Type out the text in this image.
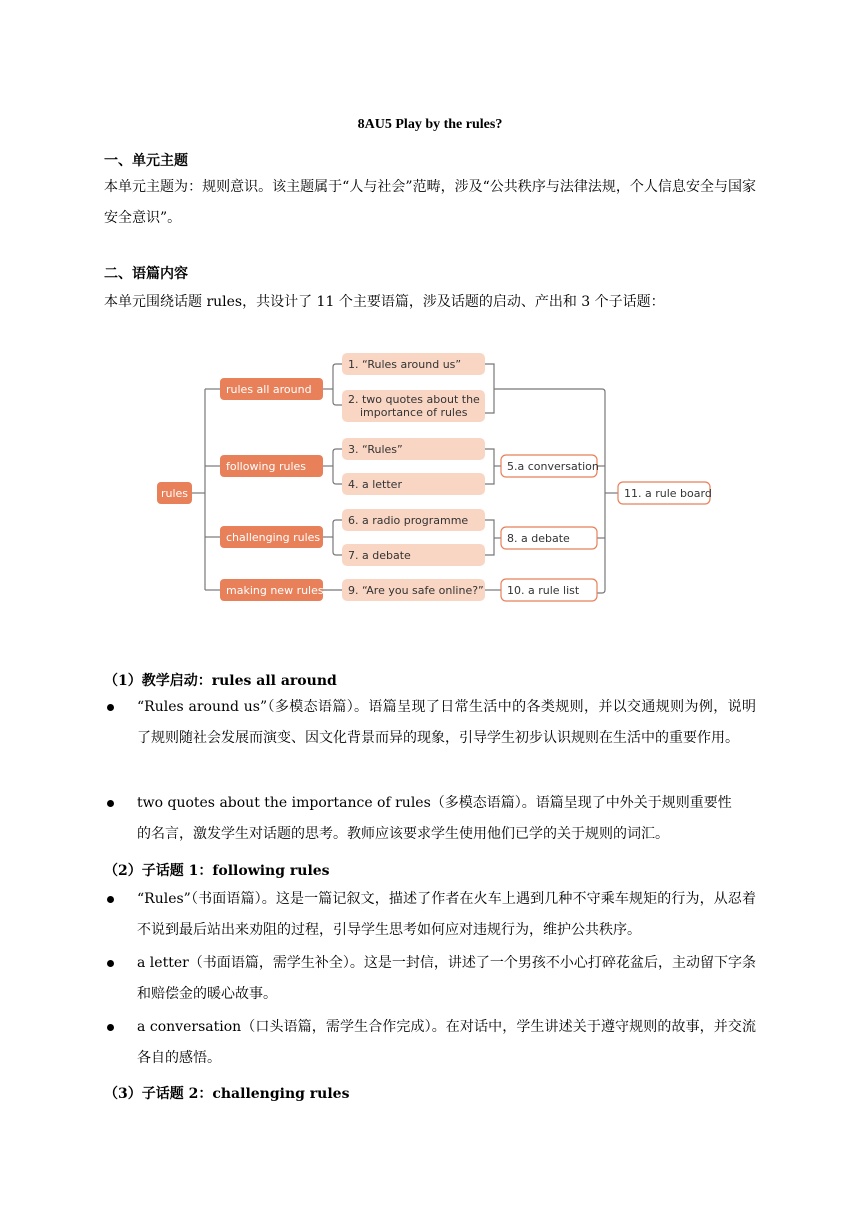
8AU5 Play by the rules?
一、单元主题
本单元主题为：规则意识。该主题属于“人与社会”范畴，涉及“公共秩序与法律法规，个人信息安全与国家安全意识”。
二、语篇内容
本单元围绕话题 rules，共设计了 11 个主要语篇，涉及话题的启动、产出和 3 个子话题：
rules
rules all around
following rules
challenging rules
making new rules
1. “Rules around us”
2. two quotes about the
importance of rules
3. “Rules”
4. a letter
6. a radio programme
7. a debate
9. “Are you safe online?”
5.a conversation
8. a debate
10. a rule list
11. a rule board
（1）教学启动：rules all around
“Rules around us”（多模态语篇）。语篇呈现了日常生活中的各类规则，并以交通规则为例，说明了规则随社会发展而演变、因文化背景而异的现象，引导学生初步认识规则在生活中的重要作用。
two quotes about the importance of rules（多模态语篇）。语篇呈现了中外关于规则重要性
的名言，激发学生对话题的思考。教师应该要求学生使用他们已学的关于规则的词汇。
（2）子话题 1：following rules
“Rules”（书面语篇）。这是一篇记叙文，描述了作者在火车上遇到几种不守乘车规矩的行为，从忍着不说到最后站出来劝阻的过程，引导学生思考如何应对违规行为，维护公共秩序。
a letter（书面语篇，需学生补全）。这是一封信，讲述了一个男孩不小心打碎花盆后，主动留下字条和赔偿金的暖心故事。
a conversation（口头语篇，需学生合作完成）。在对话中，学生讲述关于遵守规则的故事，并交流各自的感悟。
（3）子话题 2：challenging rules
